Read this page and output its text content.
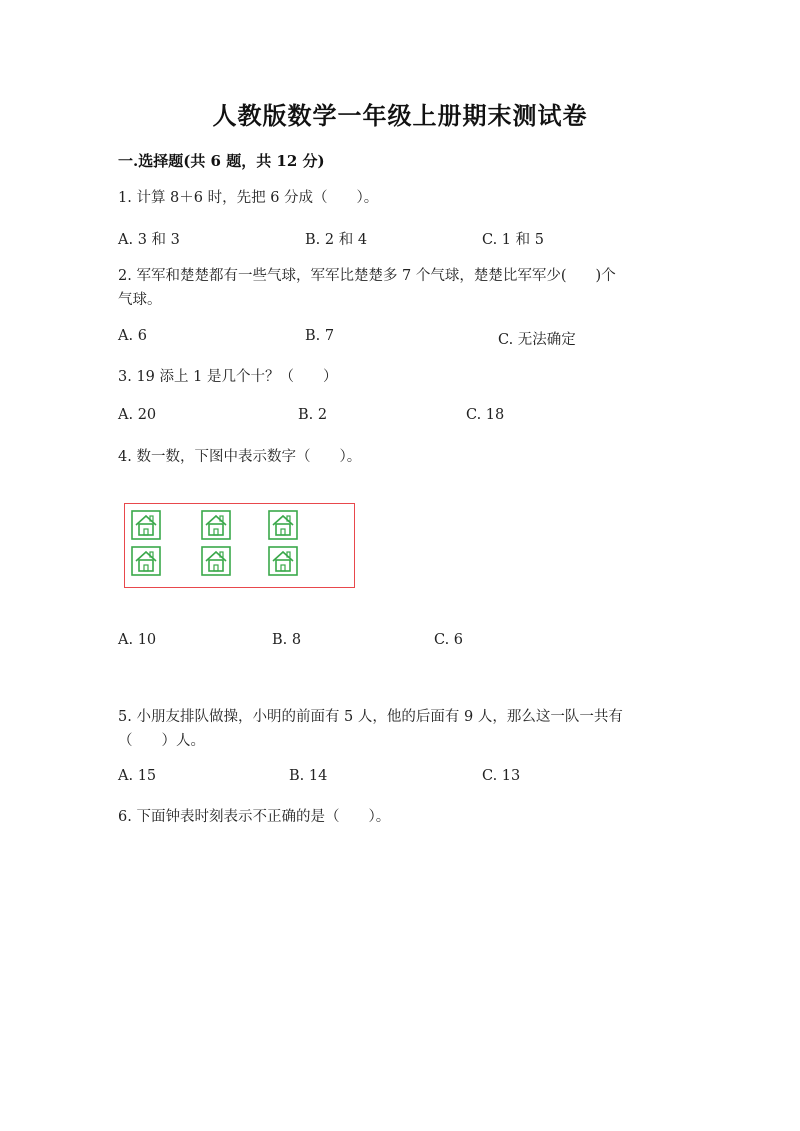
人教版数学一年级上册期末测试卷
一.选择题(共 6 题，共 12 分)
1. 计算 8＋6 时，先把 6 分成（　　）。
A. 3 和 3	B. 2 和 4	C. 1 和 5
2. 军军和楚楚都有一些气球，军军比楚楚多 7 个气球，楚楚比军军少(　　)个
气球。
A. 6	B. 7	C. 无法确定
3. 19 添上 1 是几个十？（　　）
A. 20	B. 2	C. 18
4. 数一数，下图中表示数字（　　）。
A. 10	B. 8	C. 6
5. 小朋友排队做操，小明的前面有 5 人，他的后面有 9 人，那么这一队一共有
（　　）人。
A. 15	B. 14	C. 13
6. 下面钟表时刻表示不正确的是（　　）。
